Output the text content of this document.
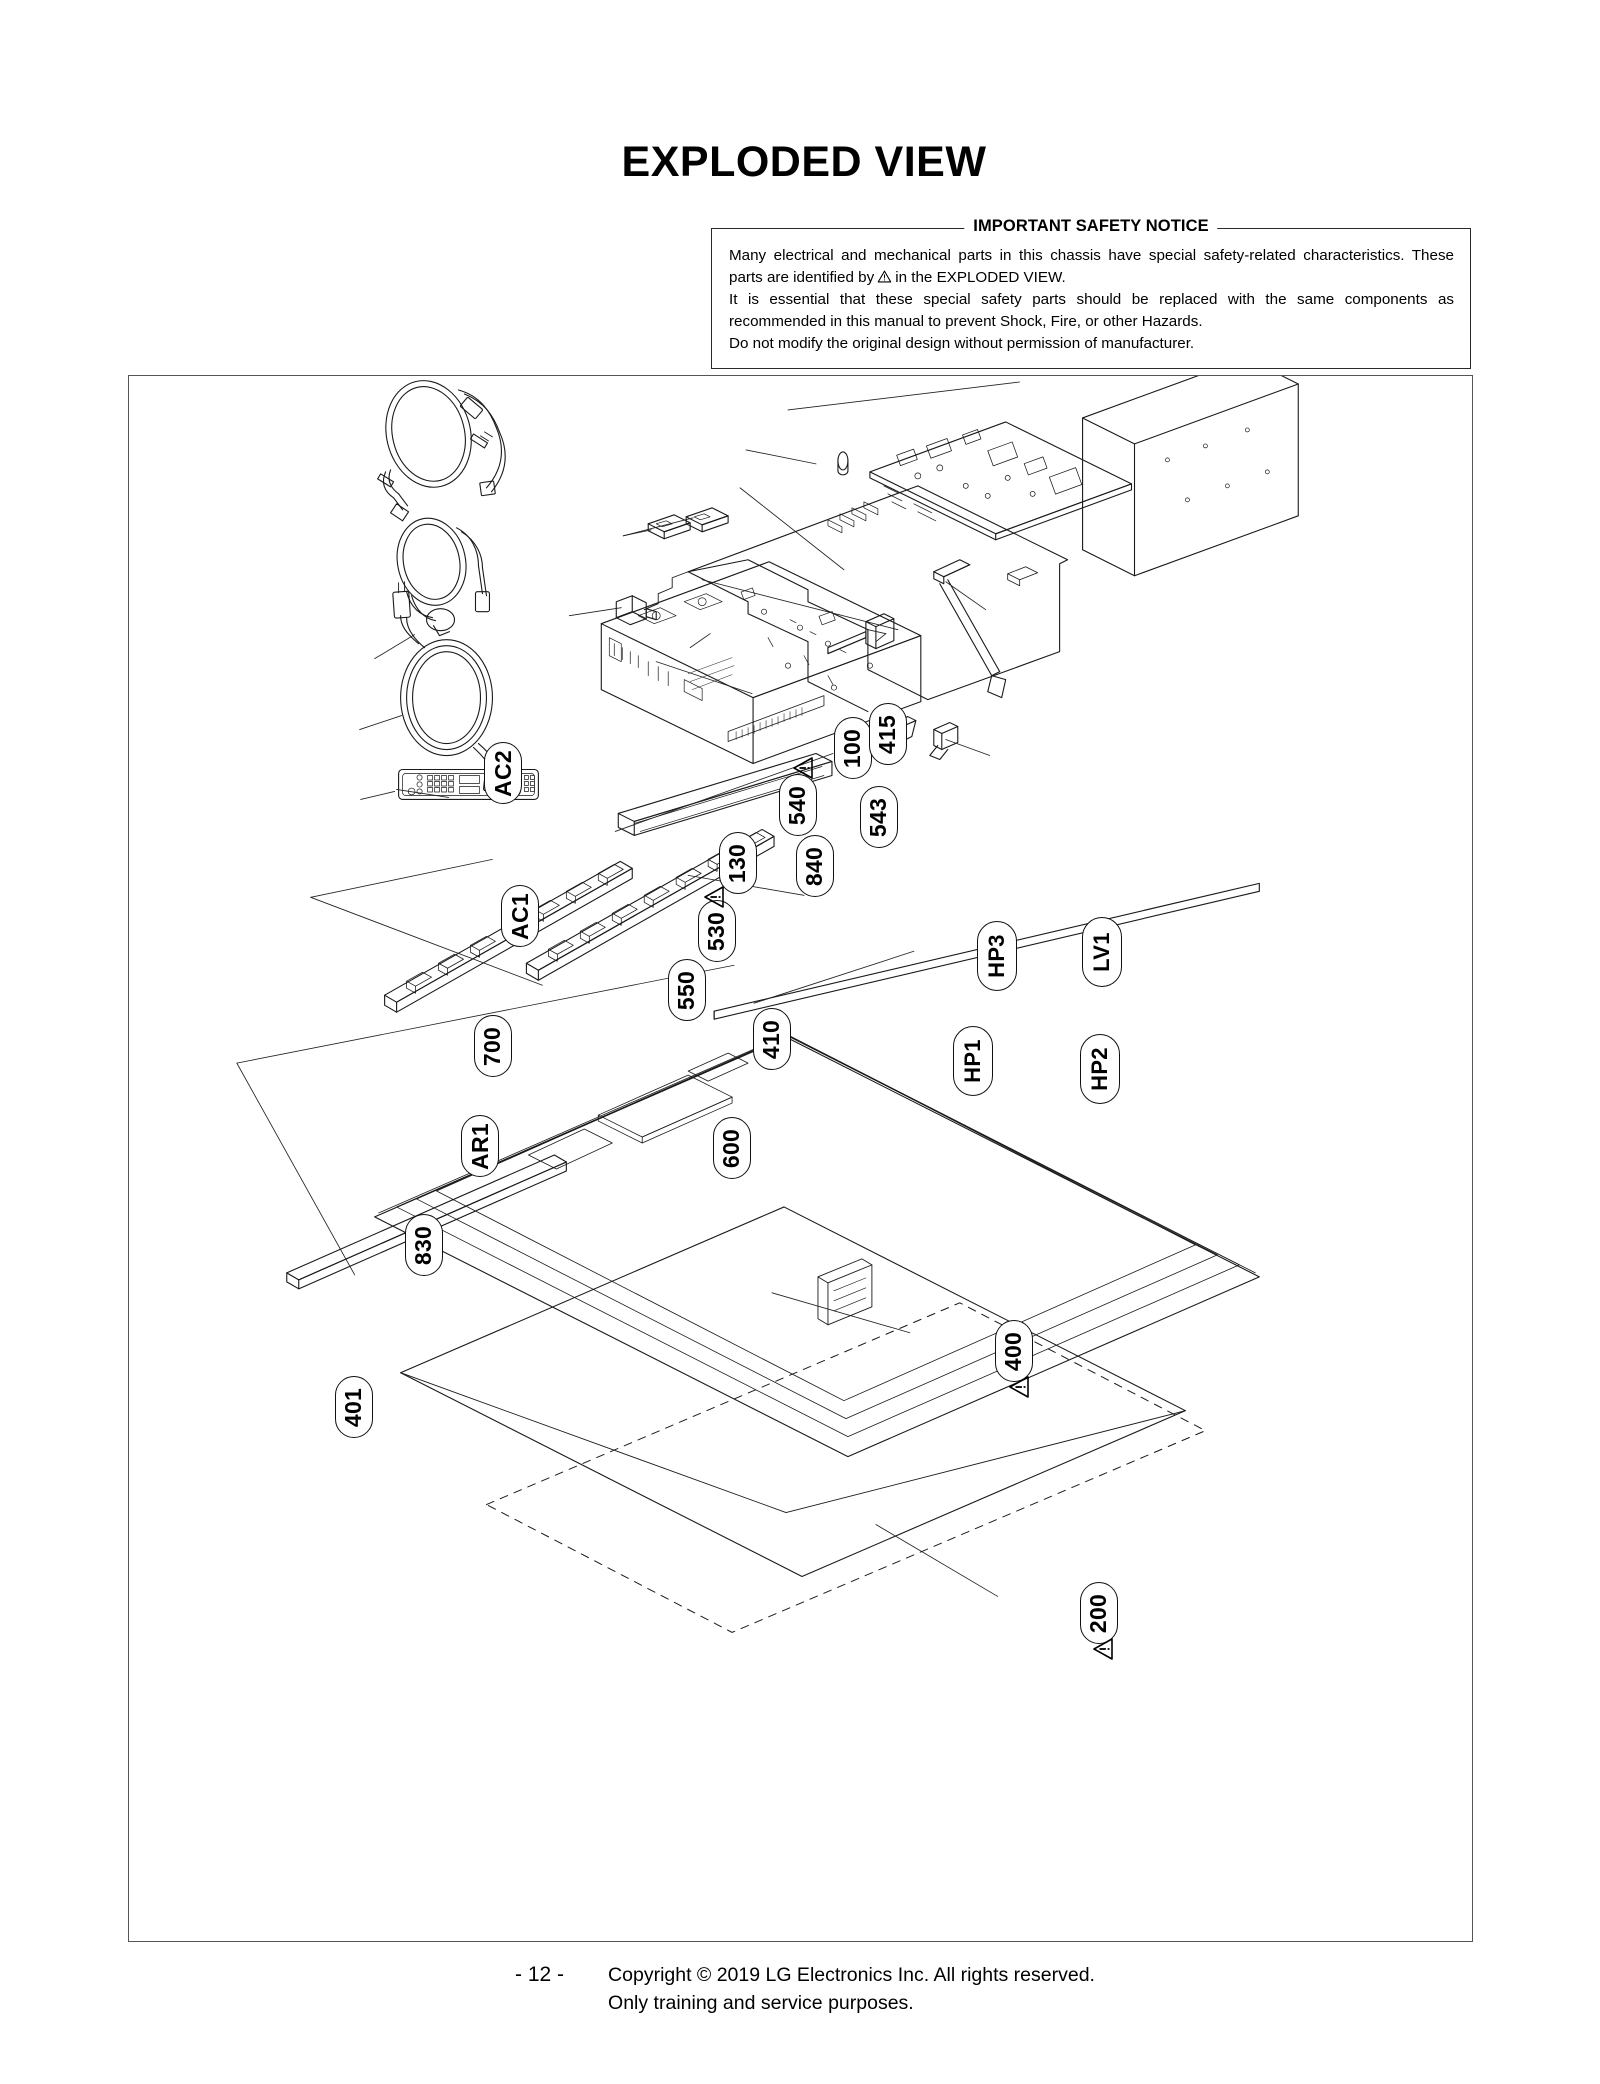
EXPLODED VIEW
IMPORTANT SAFETY NOTICE

Many electrical and mechanical parts in this chassis have special safety-related characteristics. These

parts are identified by in the EXPLODED VIEW.

It is essential that these special safety parts should be replaced with the same components as

recommended in this manual to prevent Shock, Fire, or other Hazards.

Do not modify the original design without permission of manufacturer.

AC2
AC1
700
AR1
830
401
130
530
550
410
840
540 543
100 415
HP3	LV1
HP1	HP2
600
400
200
- 12 - Copyright © 2019 LG Electronics Inc. All rights reserved.
Only training and service purposes.
